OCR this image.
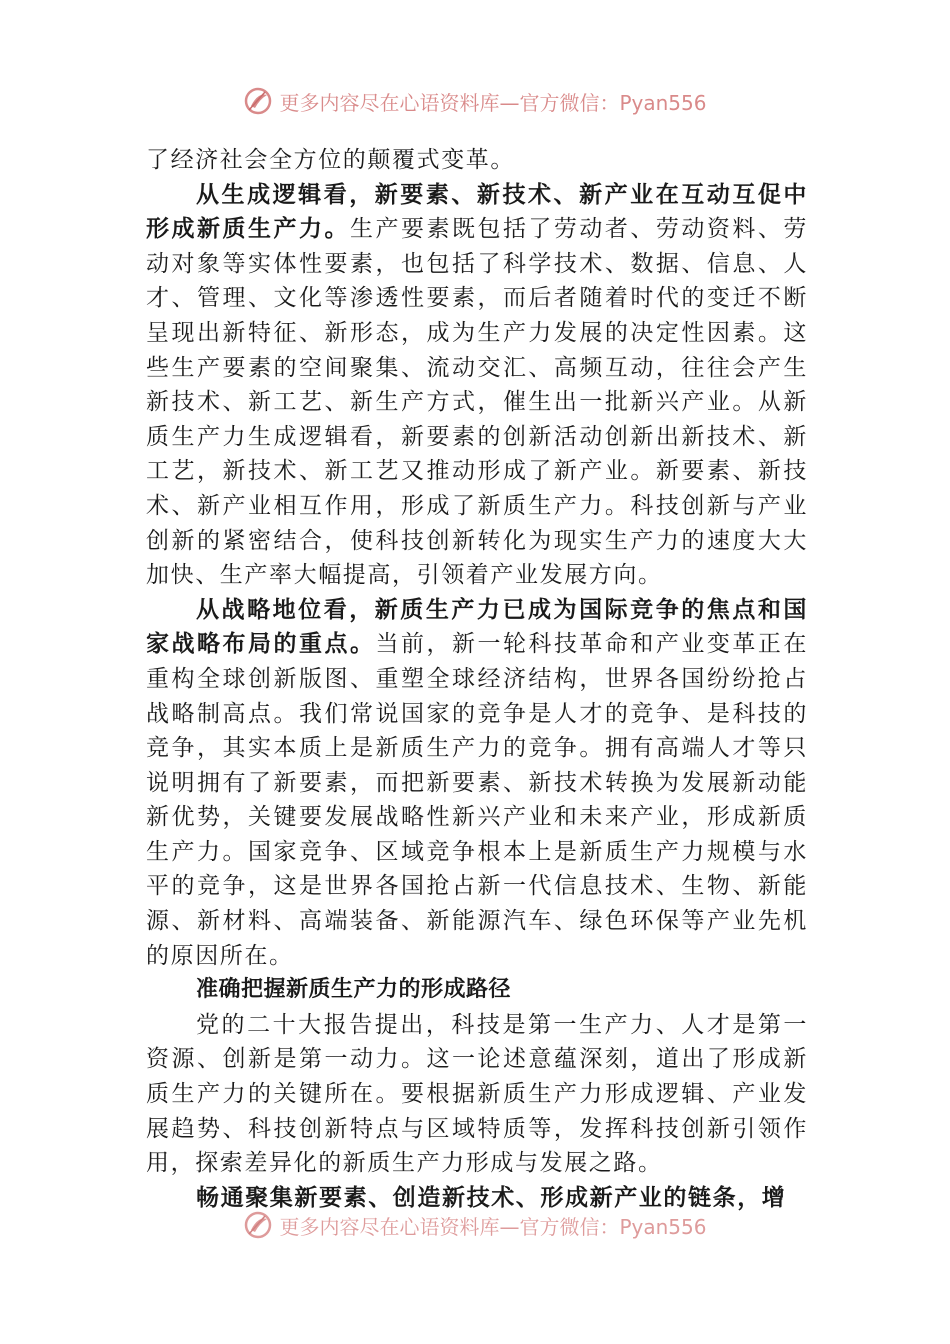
更多内容尽在心语资料库—官方微信：Pyan556

了经济社会全方位的颠覆式变革。

从生成逻辑看，新要素、新技术、新产业在互动互促中形成新质生产力。生产要素既包括了劳动者、劳动资料、劳动对象等实体性要素，也包括了科学技术、数据、信息、人才、管理、文化等渗透性要素，而后者随着时代的变迁不断呈现出新特征、新形态，成为生产力发展的决定性因素。这些生产要素的空间聚集、流动交汇、高频互动，往往会产生新技术、新工艺、新生产方式，催生出一批新兴产业。从新质生产力生成逻辑看，新要素的创新活动创新出新技术、新工艺，新技术、新工艺又推动形成了新产业。新要素、新技术、新产业相互作用，形成了新质生产力。科技创新与产业创新的紧密结合，使科技创新转化为现实生产力的速度大大加快、生产率大幅提高，引领着产业发展方向。

从战略地位看，新质生产力已成为国际竞争的焦点和国家战略布局的重点。当前，新一轮科技革命和产业变革正在重构全球创新版图、重塑全球经济结构，世界各国纷纷抢占战略制高点。我们常说国家的竞争是人才的竞争、是科技的竞争，其实本质上是新质生产力的竞争。拥有高端人才等只说明拥有了新要素，而把新要素、新技术转换为发展新动能新优势，关键要发展战略性新兴产业和未来产业，形成新质生产力。国家竞争、区域竞争根本上是新质生产力规模与水平的竞争，这是世界各国抢占新一代信息技术、生物、新能源、新材料、高端装备、新能源汽车、绿色环保等产业先机的原因所在。

准确把握新质生产力的形成路径

党的二十大报告提出，科技是第一生产力、人才是第一资源、创新是第一动力。这一论述意蕴深刻，道出了形成新质生产力的关键所在。要根据新质生产力形成逻辑、产业发展趋势、科技创新特点与区域特质等，发挥科技创新引领作用，探索差异化的新质生产力形成与发展之路。

畅通聚集新要素、创造新技术、形成新产业的链条，增

更多内容尽在心语资料库—官方微信：Pyan556
